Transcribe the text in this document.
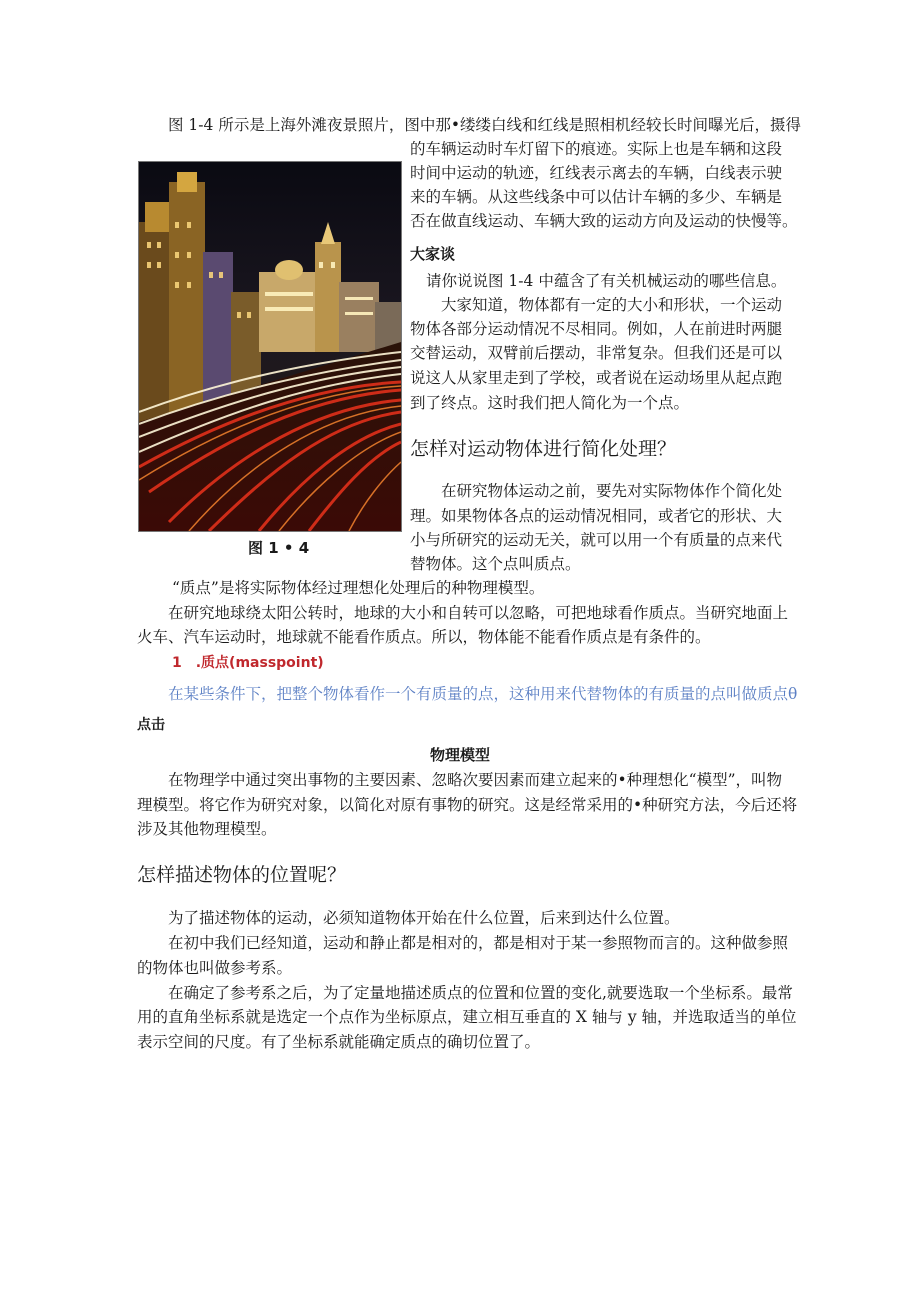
图 1-4 所示是上海外滩夜景照片，图中那•缕缕白线和红线是照相机经较长时间曝光后，摄得
的车辆运动时车灯留下的痕迹。实际上也是车辆和这段
时间中运动的轨迹，红线表示离去的车辆，白线表示驶
来的车辆。从这些线条中可以估计车辆的多少、车辆是
否在做直线运动、车辆大致的运动方向及运动的快慢等。
图 1 • 4
大家谈
请你说说图 1-4 中蕴含了有关机械运动的哪些信息。
大家知道，物体都有一定的大小和形状，一个运动
物体各部分运动情况不尽相同。例如，人在前进时两腿
交替运动，双臂前后摆动，非常复杂。但我们还是可以
说这人从家里走到了学校，或者说在运动场里从起点跑
到了终点。这时我们把人简化为一个点。
怎样对运动物体进行简化处理？
在研究物体运动之前，要先对实际物体作个简化处
理。如果物体各点的运动情况相同，或者它的形状、大
小与所研究的运动无关，就可以用一个有质量的点来代
替物体。这个点叫质点。
“质点”是将实际物体经过理想化处理后的种物理模型。
在研究地球绕太阳公转时，地球的大小和自转可以忽略，可把地球看作质点。当研究地面上
火车、汽车运动时，地球就不能看作质点。所以，物体能不能看作质点是有条件的。
1　.质点(masspoint)
在某些条件下，把整个物体看作一个有质量的点，这种用来代替物体的有质量的点叫做质点θ
点击
物理模型
在物理学中通过突出事物的主要因素、忽略次要因素而建立起来的•种理想化“模型”，叫物
理模型。将它作为研究对象，以简化对原有事物的研究。这是经常采用的•种研究方法，今后还将
涉及其他物理模型。
怎样描述物体的位置呢？
为了描述物体的运动，必须知道物体开始在什么位置，后来到达什么位置。
在初中我们已经知道，运动和静止都是相对的，都是相对于某一参照物而言的。这种做参照
的物体也叫做参考系。
在确定了参考系之后，为了定量地描述质点的位置和位置的变化,就要选取一个坐标系。最常
用的直角坐标系就是选定一个点作为坐标原点，建立相互垂直的 X 轴与 y 轴，并选取适当的单位
表示空间的尺度。有了坐标系就能确定质点的确切位置了。
